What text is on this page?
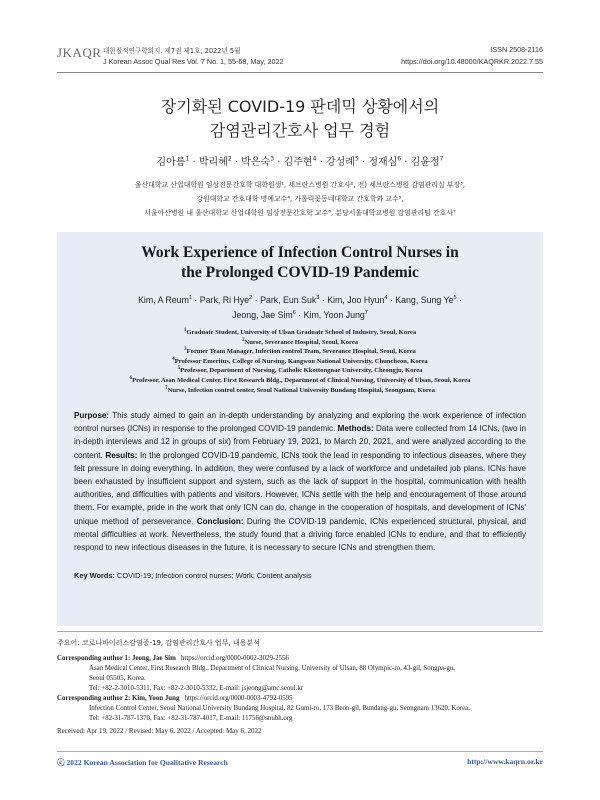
JKAQR 대한질적연구학회지. 제7권 제1호, 2022년 5월
J Korean Assoc Qual Res Vol. 7 No. 1, 55-68, May, 2022
ISSN 2508-2116
https://doi.org/10.48000/KAQRKR.2022.7.55
장기화된 COVID-19 판데믹 상황에서의
감염관리간호사 업무 경험
김아름$^1$ · 박리혜$^2$ · 박은숙$^3$ · 김주현$^4$ · 강성례$^5$ · 정재심$^6$ · 김윤정$^7$
울산대학교 산업대학원 임상전문간호학 대학원생¹, 세브란스병원 간호사², 전) 세브란스병원 감염관리실 부장³,
강원대학교 간호대학 명예교수⁴, 가톨릭꽃동네대학교 간호학과 교수⁵,
서울아산병원 내 울산대학교 산업대학원 임상전문간호학 교수⁶, 분당서울대학교병원 감염관리팀 간호사⁷
Work Experience of Infection Control Nurses in
the Prolonged COVID-19 Pandemic
Kim, A Reum$^1$ · Park, Ri Hye$^2$ · Park, Eun Suk$^3$ · Kim, Joo Hyun$^4$ · Kang, Sung $Ye^5$ ·
Jeong, Jae Sim$^6$ · Kim, Yoon Jung$^7$
$^1$Graduate Student, University of Ulsan Graduate School of Industry, Seoul, Korea
$^2$Nurse, Severance Hospital, Seoul, Korea
$^3$Former Team Manager, Infection control Team, Severance Hospital, Seoul, Korea
$^4$Professor Emeritus, College of Nursing, Kangwon National University, Chuncheon, Korea
$^5$Professor, Department of Nursing, Catholic Kkottongnae University, Cheongju, Korea
$^6$Professor, Asan Medical Center, First Research Bldg., Department of Clinical Nursing, University of Ulsan, Seoul, Korea
$^7$Nurse, Infection control center, Seoul National University Bundang Hospital, Seongnam, Korea
Purpose: This study aimed to gain an in-depth understanding by analyzing and exploring the work experience of infection control nurses (ICNs) in response to the prolonged COVID-19 pandemic. Methods: Data were collected from 14 ICNs, (two in in-depth interviews and 12 in groups of six) from February 19, 2021, to March 20, 2021, and were analyzed according to the content. Results: In the prolonged COVID-19 pandemic, ICNs took the lead in responding to infectious diseases, where they felt pressure in doing everything. In addition, they were confused by a lack of workforce and undetailed job plans. ICNs have been exhausted by insufficient support and system, such as the lack of support in the hospital, communication with health authorities, and difficulties with patients and visitors. However, ICNs settle with the help and encouragement of those around them. For example, pride in the work that only ICN can do, change in the cooperation of hospitals, and development of ICNs' unique method of perseverance. Conclusion: During the COVID-19 pandemic, ICNs experienced structural, physical, and mental difficulties at work. Nevertheless, the study found that a driving force enabled ICNs to endure, and that to efficiently respond to new infectious diseases in the future, it is necessary to secure ICNs and strengthen them.
Key Words: COVID-19; Infection control nurses; Work; Content analysis
주요어: 코로나바이러스감염증-19, 감염관리간호사 업무, 내용분석
Corresponding author 1: Jeong, Jae Sim https://orcid.org/0000-0002-3029-2556
Asan Medical Center, First Research Bldg., Department of Clinical Nursing, University of Ulsan, 88 Olympic-ro, 43-gil, Songpa-gu,
Seoul 05505, Korea.
Tel: +82-2-3010-5311, Fax: +82-2-3010-5332, E-mail: jsjeong@amc.seoul.kr
Corresponding author 2: Kim, Yoon Jung https://orcid.org/0000-0003-4792-0595
Infection Control Center, Seoul National University Bundang Hospital, 82 Gumi-ro, 173 Beon-gil, Bundang-gu, Seongnam 13620, Korea.
Tel: +82-31-787-1370, Fax: +82-31-787-4017, E-mail: 11756@snubh.org
Received: Apr 19, 2022 / Revised: May 6, 2022 / Accepted: May 6, 2022
ⓒ 2022 Korean Association for Qualitative Research	http://www.kaqrn.or.kr
